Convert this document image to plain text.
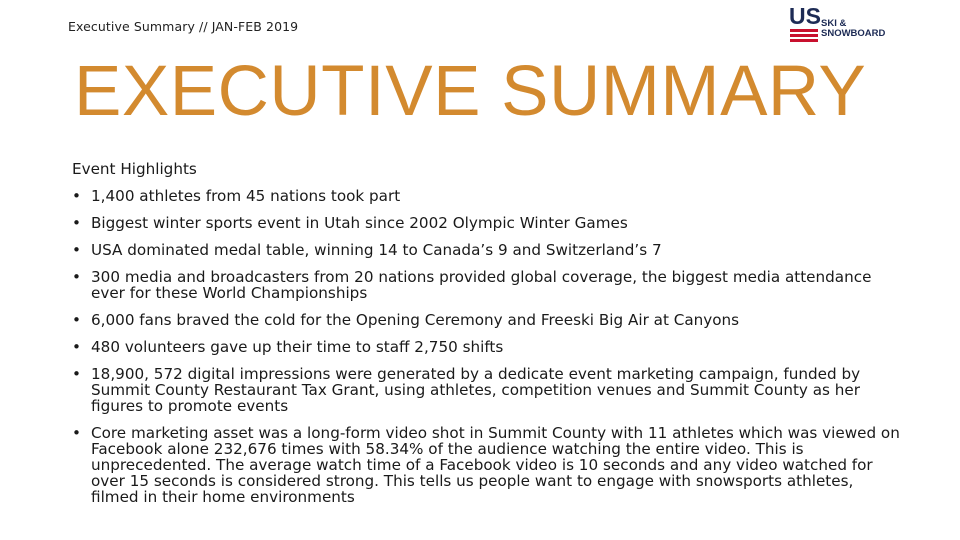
Executive Summary // JAN-FEB 2019	US SKI &
SNOWBOARD
EXECUTIVE SUMMARY
Event Highlights
• 1,400 athletes from 45 nations took part
• Biggest winter sports event in Utah since 2002 Olympic Winter Games
• USA dominated medal table, winning 14 to Canada’s 9 and Switzerland’s 7
• 300 media and broadcasters from 20 nations provided global coverage, the biggest media attendance ever for these World Championships
• 6,000 fans braved the cold for the Opening Ceremony and Freeski Big Air at Canyons
• 480 volunteers gave up their time to staff 2,750 shifts
• 18,900, 572 digital impressions were generated by a dedicate event marketing campaign, funded by Summit County Restaurant Tax Grant, using athletes, competition venues and Summit County as her figures to promote events
• Core marketing asset was a long-form video shot in Summit County with 11 athletes which was viewed on Facebook alone 232,676 times with 58.34% of the audience watching the entire video. This is unprecedented. The average watch time of a Facebook video is 10 seconds and any video watched for over 15 seconds is considered strong. This tells us people want to engage with snowsports athletes, filmed in their home environments
